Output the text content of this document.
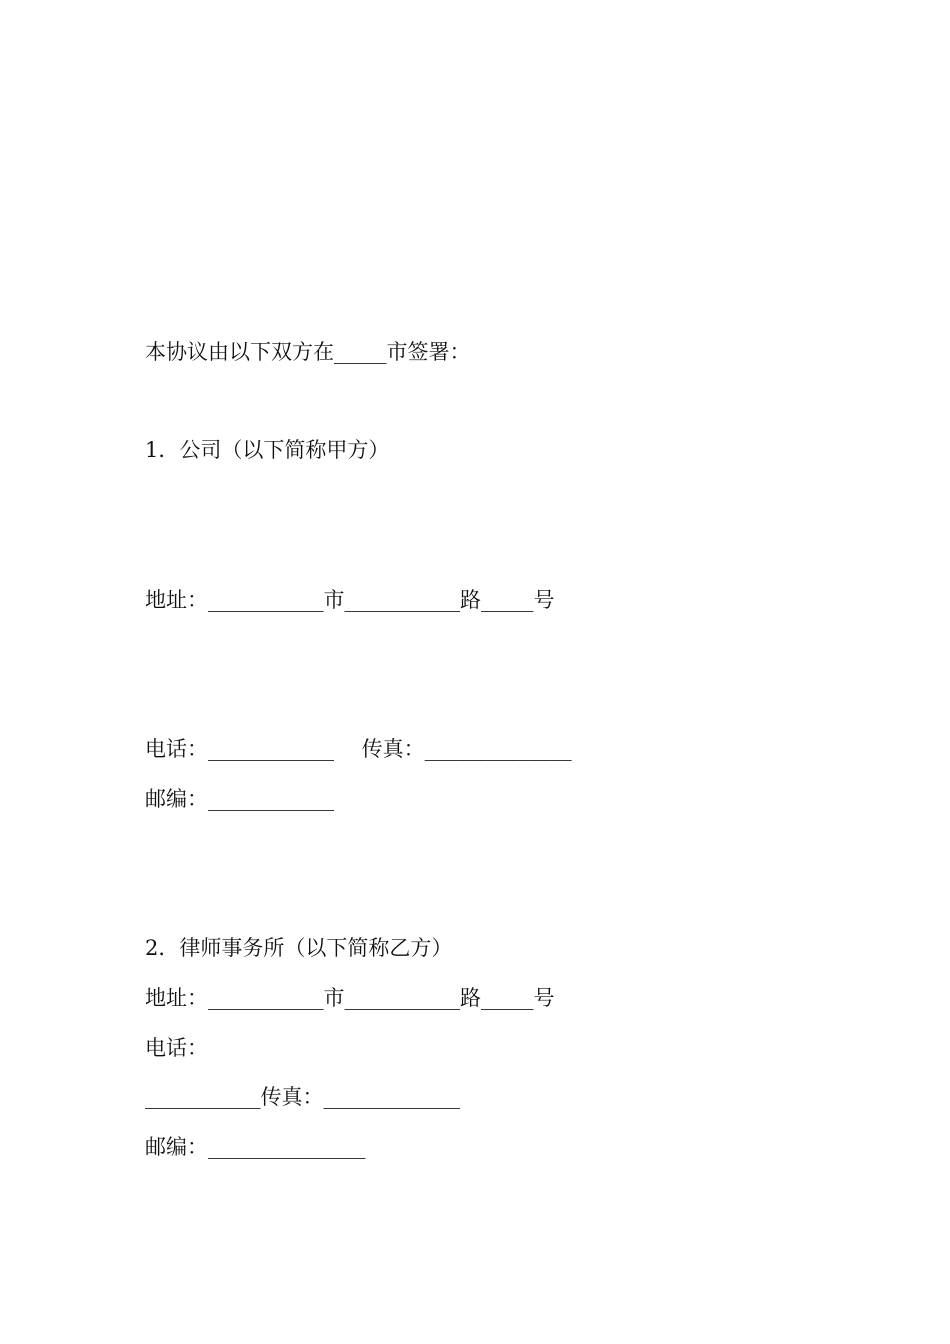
本协议由以下双方在_____市签署：
1．公司（以下简称甲方）
地址：___________市___________路_____号
电话：____________　 传真：______________
邮编：____________
2．律师事务所（以下简称乙方）
地址：___________市___________路_____号
电话：
___________传真：_____________
邮编：_______________
